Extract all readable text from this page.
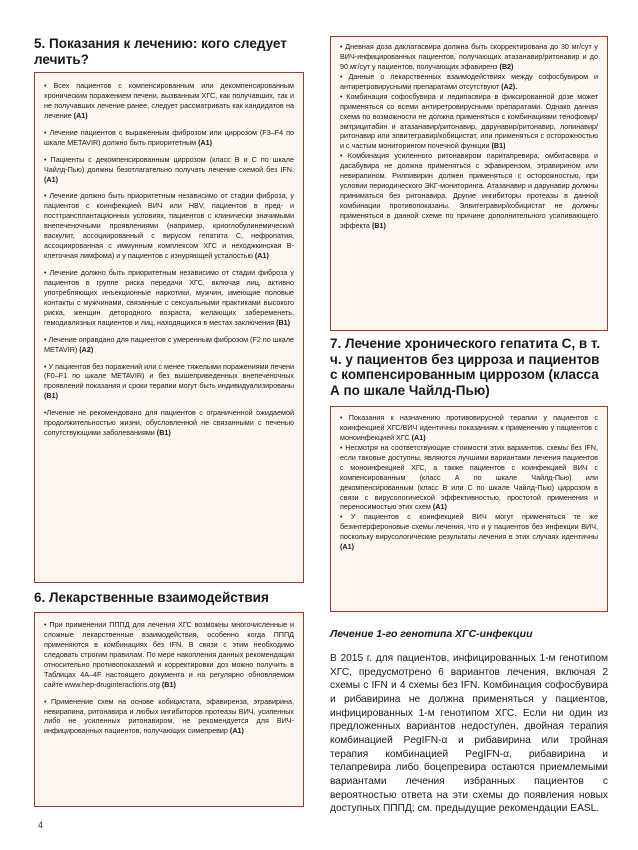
5. Показания к лечению: кого следует лечить?

• Всех пациентов с компенсированным или декомпенсированным хроническим поражением печени, вызванным ХГС, как получавших, так и не получавших лечение ранее, следует рассматривать как кандидатов на лечение (A1)

• Лечение пациентов с выраженным фиброзом или циррозом (F3–F4 по шкале METAVIR) должно быть приоритетным (A1)

• Пациенты с декомпенсированным циррозом (класс В и С по шкале Чайлд-Пью) должны безотлагательно получать лечение схемой без IFN. (A1)

• Лечение должно быть приоритетным независимо от стадии фиброза, у пациентов с коинфекцией ВИЧ или HBV, пациентов в пред- и посттрансплантационных условиях, пациентов с клинически значимыми внепеченочными проявлениями (например, криоглобулинемический васкулит, ассоциированный с вирусом гепатита С, нефропатия, ассоциированная с иммунным комплексом ХГС и неходжкинская В-клеточная лимфома) и у пациентов с изнуряющей усталостью (A1)

• Лечение должно быть приоритетным независимо от стадии фиброза у пациентов в группе риска передачи ХГС, включая лиц, активно употребляющих инъекционные наркотики, мужчин, имеющие половые контакты с мужчинами, связанные с сексуальными практиками высокого риска, женщин детородного возраста, желающих забеременеть, гемодиализных пациентов и лиц, находящихся в местах заключения (B1)

• Лечение оправдано для пациентов с умеренным фиброзом (F2 по шкале METAVIR) (A2)

• У пациентов без поражений или с менее тяжелыми поражениями печени (F0–F1 по шкале METAVIR) и без вышеприведенных внепеченочных проявлений показания и сроки терапии могут быть индивидуализированы (B1)

•Лечение не рекомендовано для пациентов с ограниченной ожидаемой продолжительностью жизни, обусловленной не связанными с печенью сопутствующими заболеваниями (B1)

6. Лекарственные взаимодействия

• При применении ПППД для лечения ХГС возможны многочисленные и сложные лекарственные взаимодействия, особенно когда ПППД применяются в комбинациях без IFN. В связи с этим необходимо следовать строгим правилам. По мере накопления данных рекомендации относительно противопоказаний и корректировки доз можно получить в Таблицах 4А–4F настоящего документа и на регулярно обновляемом сайте www.hep-druginteractions.org (B1)

• Применение схем на основе кобицистата, эфавиренза, этравирина, невирапина, ритонавира и любых ингибиторов протеазы ВИЧ, усиленных либо не усиленных ритонавиром, не рекомендуется для ВИЧ-инфицированных пациентов, получающих симепревир (A1)

• Дневная доза даклатасвира должна быть скорректирована до 30 мг/сут у ВИЧ-инфицированных пациентов, получающих атазанавир/ритонавир и до 90 мг/сут у пациентов, получающих эфавиренз (B2)

• Данные о лекарственных взаимодействиях между софосбувиром и антиретровирусными препаратами отсутствуют (A2).

• Комбинация софосбувира и ледипасвира в фиксированной дозе может применяться со всеми антиретровирусными препаратами. Однако данная схема по возможности не должна применяться с комбинациями тенофовир/эмтрицитабин и атазанавир/ритонавир, дарунавир/ритонавир, лопинавир/ритонавир или элвитегравир/кобицистат, или применяться с осторожностью и с частым мониторингом почечной функции (B1)

• Комбинация усиленного ритонавиром паритапревира, омбитасвира и дасабувира не должна применяться с эфавирензом, этравирином или невирапином. Рилпивирин должен применяться с осторожностью, при условии периодического ЭКГ-мониторинга. Атазанавир и дарунавир должны приниматься без ритонавира. Другие ингибиторы протеазы в данной комбинации противопоказаны. Элвитегравир/кобицистат не должны применяться в данной схеме по причине дополнительного усиливающего эффекта (B1)

7. Лечение хронического гепатита С, в т. ч. у пациентов без цирроза и пациентов с компенсированным циррозом (класса А по шкале Чайлд-Пью)

• Показания к назначению противовирусной терапии у пациентов с коинфекцией ХГС/ВИЧ идентичны показаниям к применению у пациентов с моноинфекцией ХГС (A1)

• Несмотря на соответствующие стоимости этих вариантов, схемы без IFN, если таковые доступны, являются лучшими вариантами лечения пациентов с моноинфекцией ХГС, а также пациентов с коинфекцией ВИЧ с компенсированным (класс А по шкале Чайлд-Пью) или декомпенсированным (класс В или С по шкале Чайлд-Пью) циррозом в связи с вирусологической эффективностью, простотой применения и переносимостью этих схем (A1)

• У пациентов с коинфекцией ВИЧ могут применяться те же безинтерфероновые схемы лечения, что и у пациентов без инфекции ВИЧ, поскольку вирусологические результаты лечения в этих случаях идентичны (A1)

Лечение 1-го генотипа ХГС-инфекции

В 2015 г. для пациентов, инфицированных 1-м генотипом ХГС, предусмотрено 6 вариантов лечения, включая 2 схемы с IFN и 4 схемы без IFN. Комбинация софосбувира и рибавирина не должна применяться у пациентов, инфицированных 1-м генотипом ХГС. Если ни один из предложенных вариантов недоступен, двойная терапия комбинацией PegIFN-α и рибавирина или тройная терапия комбинацией PegIFN-α, рибавирина и телапревира либо боцепревира остаются приемлемыми вариантами лечения избранных пациентов с вероятностью ответа на эти схемы до появления новых доступных ПППД; см. предыдущие рекомендации EASL.

4
